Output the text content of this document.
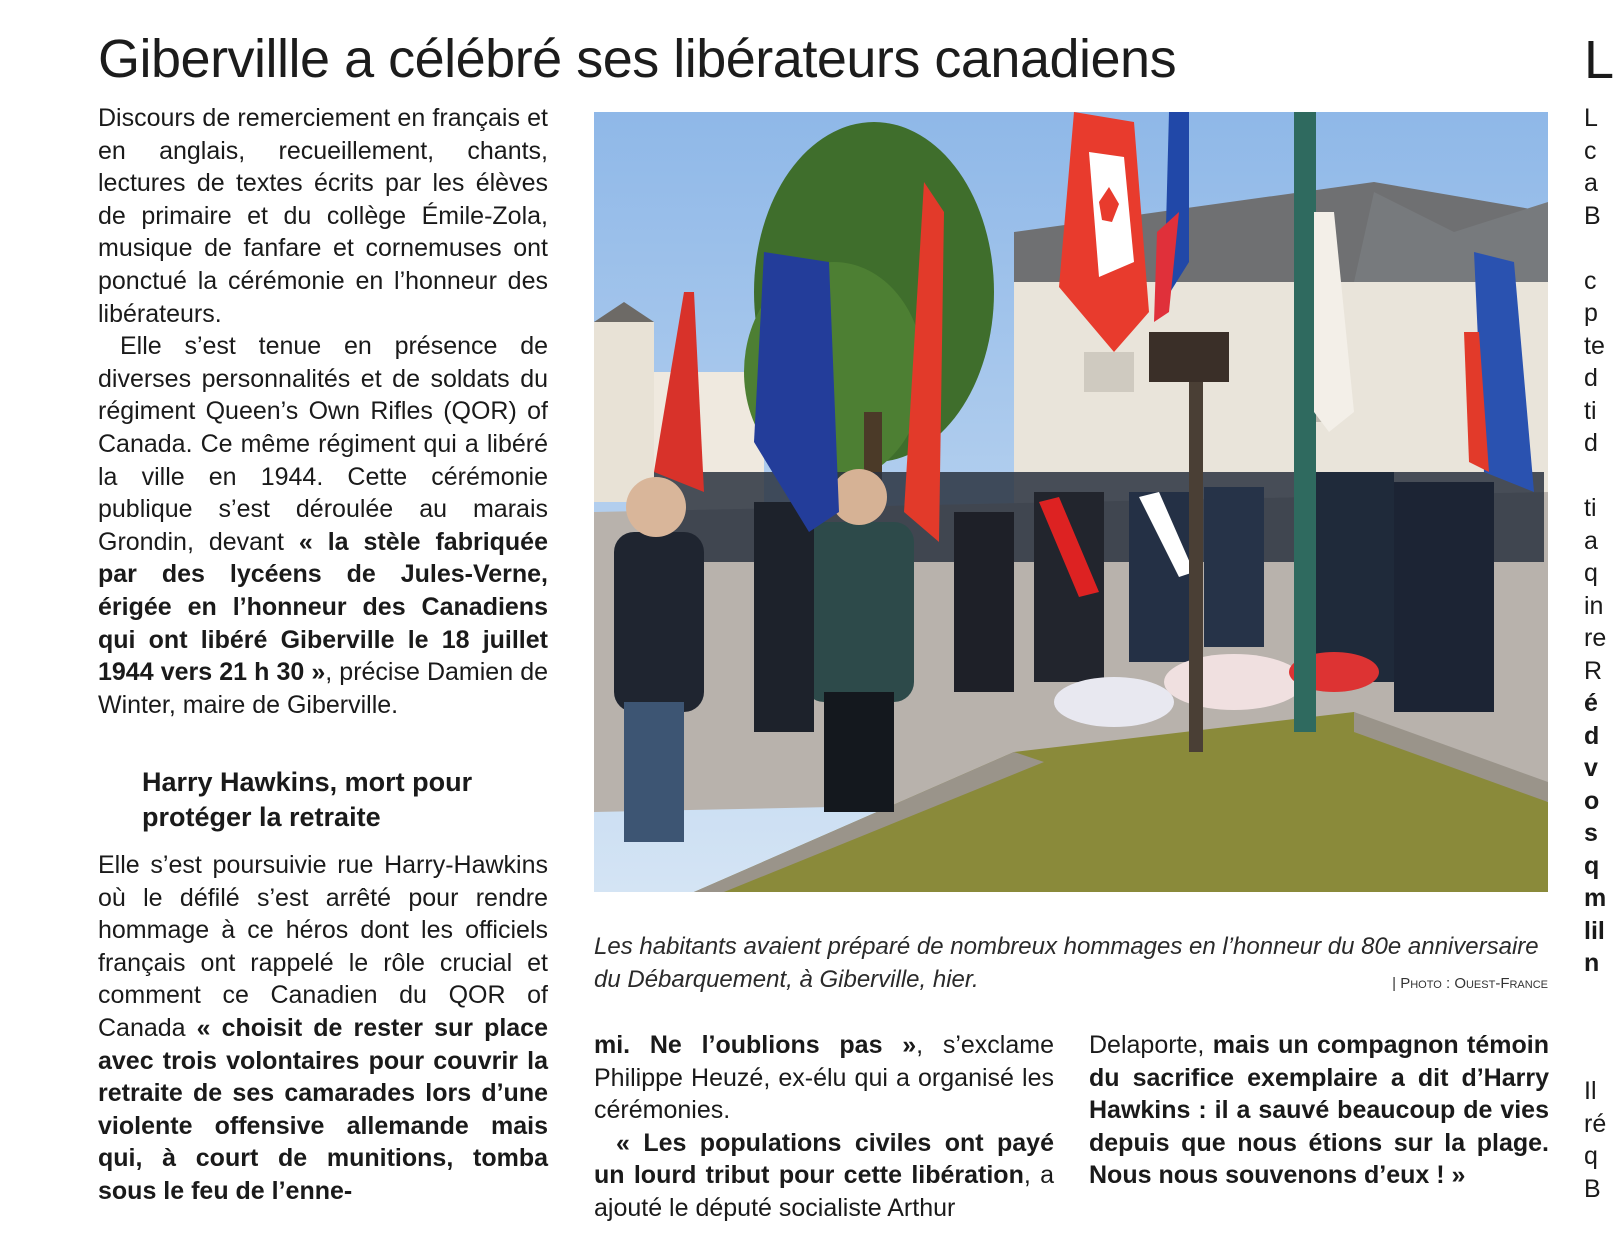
Gibervillle a célébré ses libérateurs canadiens

Discours de remerciement en français et en anglais, recueillement, chants, lectures de textes écrits par les élèves de primaire et du collège Émile-Zola, musique de fanfare et cornemuses ont ponctué la cérémonie en l’honneur des libérateurs.

Elle s’est tenue en présence de diverses personnalités et de soldats du régiment Queen’s Own Rifles (QOR) of Canada. Ce même régiment qui a libéré la ville en 1944. Cette cérémonie publique s’est déroulée au marais Grondin, devant « la stèle fabriquée par des lycéens de Jules-Verne, érigée en l’honneur des Canadiens qui ont libéré Giberville le 18 juillet 1944 vers 21 h 30 », précise Damien de Winter, maire de Giberville.

Harry Hawkins, mort pour protéger la retraite

Elle s’est poursuivie rue Harry-Hawkins où le défilé s’est arrêté pour rendre hommage à ce héros dont les officiels français ont rappelé le rôle crucial et comment ce Canadien du QOR of Canada « choisit de rester sur place avec trois volontaires pour couvrir la retraite de ses camarades lors d’une violente offensive allemande mais qui, à court de munitions, tomba sous le feu de l’enne-

Les habitants avaient préparé de nombreux hommages en l’honneur du 80e anniversaire du Débarquement, à Giberville, hier.	| Photo : Ouest-France

mi. Ne l’oublions pas », s’exclame Philippe Heuzé, ex-élu qui a organisé les cérémonies.

« Les populations civiles ont payé un lourd tribut pour cette libération, a ajouté le député socialiste Arthur

Delaporte, mais un compagnon témoin du sacrifice exemplaire a dit d’Harry Hawkins : il a sauvé beaucoup de vies depuis que nous étions sur la plage. Nous nous souvenons d’eux ! »

L
L
c
a
B
c
p
te
d
ti
d
ti
a
q
in
re
R
é
d
v
o
s
q
m
lil
n
Il
ré
q
B
